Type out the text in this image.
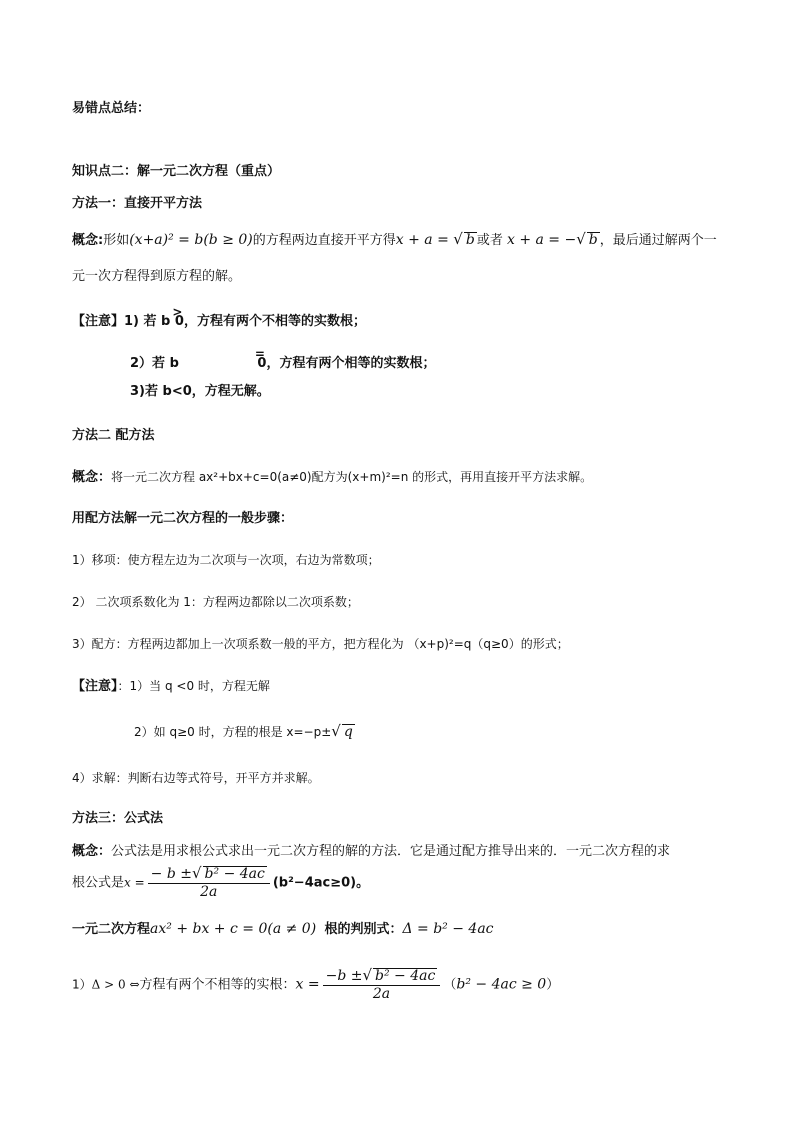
易错点总结：
知识点二：解一元二次方程（重点）
方法一：直接开平方法
概念:形如(x+a)² = b(b ≥ 0)的方程两边直接开平方得x + a = √ b 或者 x + a = −√ b ，最后通过解两个一
元一次方程得到原方程的解。
【注意】1) 若 b
>
0，方程有两个不相等的实数根；
2）若 b
=
0，方程有两个相等的实数根；
3)若 b<0，方程无解。
方法二 配方法
概念：将一元二次方程 ax²+bx+c=0(a≠0)配方为(x+m)²=n 的形式，再用直接开平方法求解。
用配方法解一元二次方程的一般步骤：
1）移项：使方程左边为二次项与一次项，右边为常数项；
2） 二次项系数化为 1：方程两边都除以二次项系数；
3）配方：方程两边都加上一次项系数一般的平方，把方程化为 （x+p)²=q（q≥0）的形式；
【注意】：1）当 q <0 时，方程无解
2）如 q≥0 时，方程的根是 x=−p±√ q
4）求解：判断右边等式符号，开平方并求解。
方法三：公式法
概念：公式法是用求根公式求出一元二次方程的解的方法．它是通过配方推导出来的．一元二次方程的求
根公式是$x = \frac{\text{− b ±√ b² − 4ac}}{2a} (b^2-4ac\ge 0)$。
一元二次方程ax² + bx + c = 0(a ≠ 0) 根的判别式：Δ = b² − 4ac
1）Δ > 0 ⇔方程有两个不相等的实根：$x = \frac{\text{−b ±√ b² − 4ac}}{2a} (b^2 - 4ac \ge 0)$
